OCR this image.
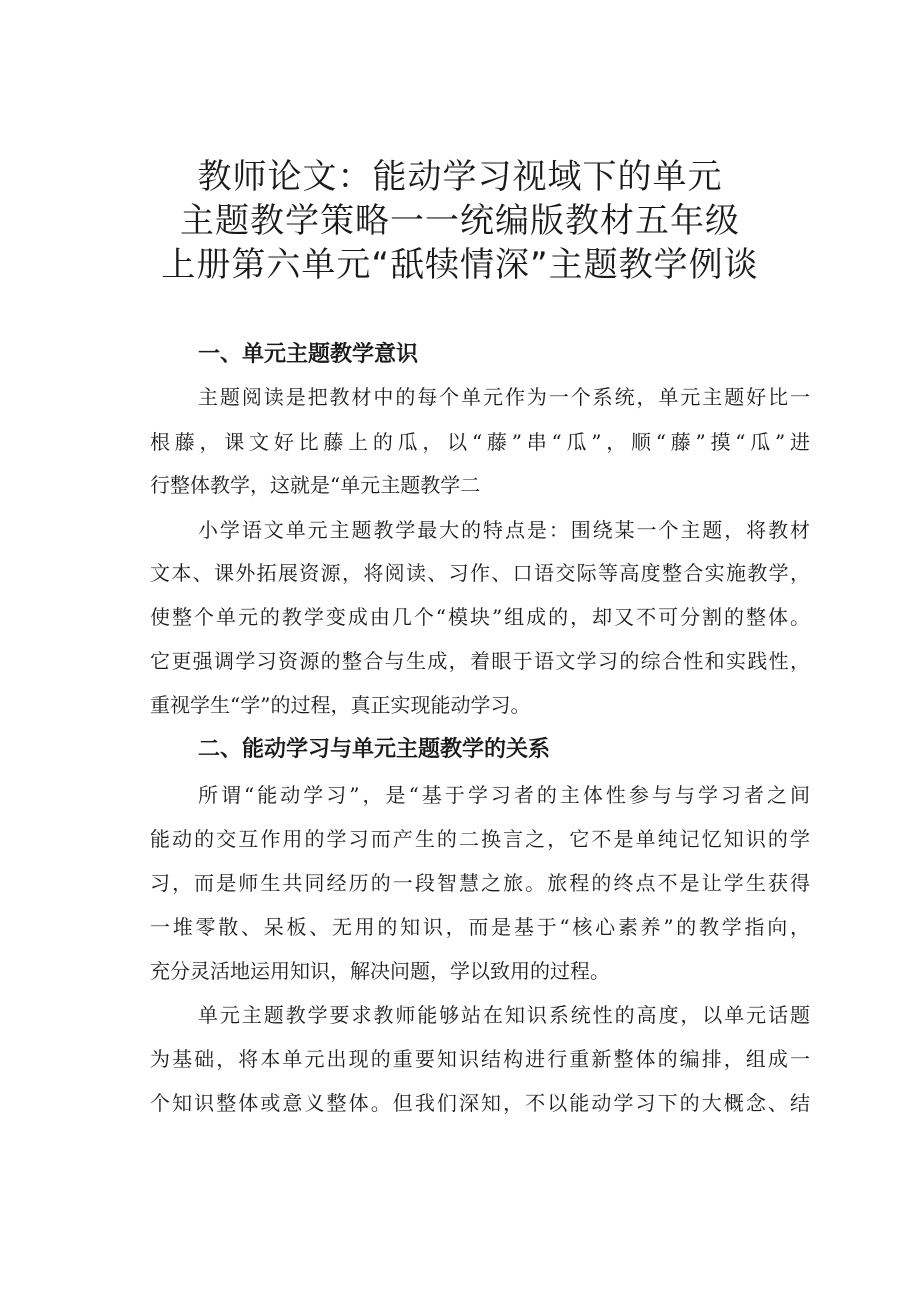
教师论文：能动学习视域下的单元
主题教学策略一一统编版教材五年级
上册第六单元“舐犊情深”主题教学例谈
一、单元主题教学意识

主题阅读是把教材中的每个单元作为一个系统，单元主题好比一

根藤，课文好比藤上的瓜，以“藤”串“瓜”，顺“藤”摸“瓜”进

行整体教学，这就是“单元主题教学二

小学语文单元主题教学最大的特点是：围绕某一个主题，将教材

文本、课外拓展资源，将阅读、习作、口语交际等高度整合实施教学，

使整个单元的教学变成由几个“模块”组成的，却又不可分割的整体。

它更强调学习资源的整合与生成，着眼于语文学习的综合性和实践性，

重视学生“学”的过程，真正实现能动学习。

二、能动学习与单元主题教学的关系

所谓“能动学习”，是“基于学习者的主体性参与与学习者之间

能动的交互作用的学习而产生的二换言之，它不是单纯记忆知识的学

习，而是师生共同经历的一段智慧之旅。旅程的终点不是让学生获得

一堆零散、呆板、无用的知识，而是基于“核心素养”的教学指向，

充分灵活地运用知识，解决问题，学以致用的过程。

单元主题教学要求教师能够站在知识系统性的高度，以单元话题

为基础，将本单元出现的重要知识结构进行重新整体的编排，组成一

个知识整体或意义整体。但我们深知，不以能动学习下的大概念、结
